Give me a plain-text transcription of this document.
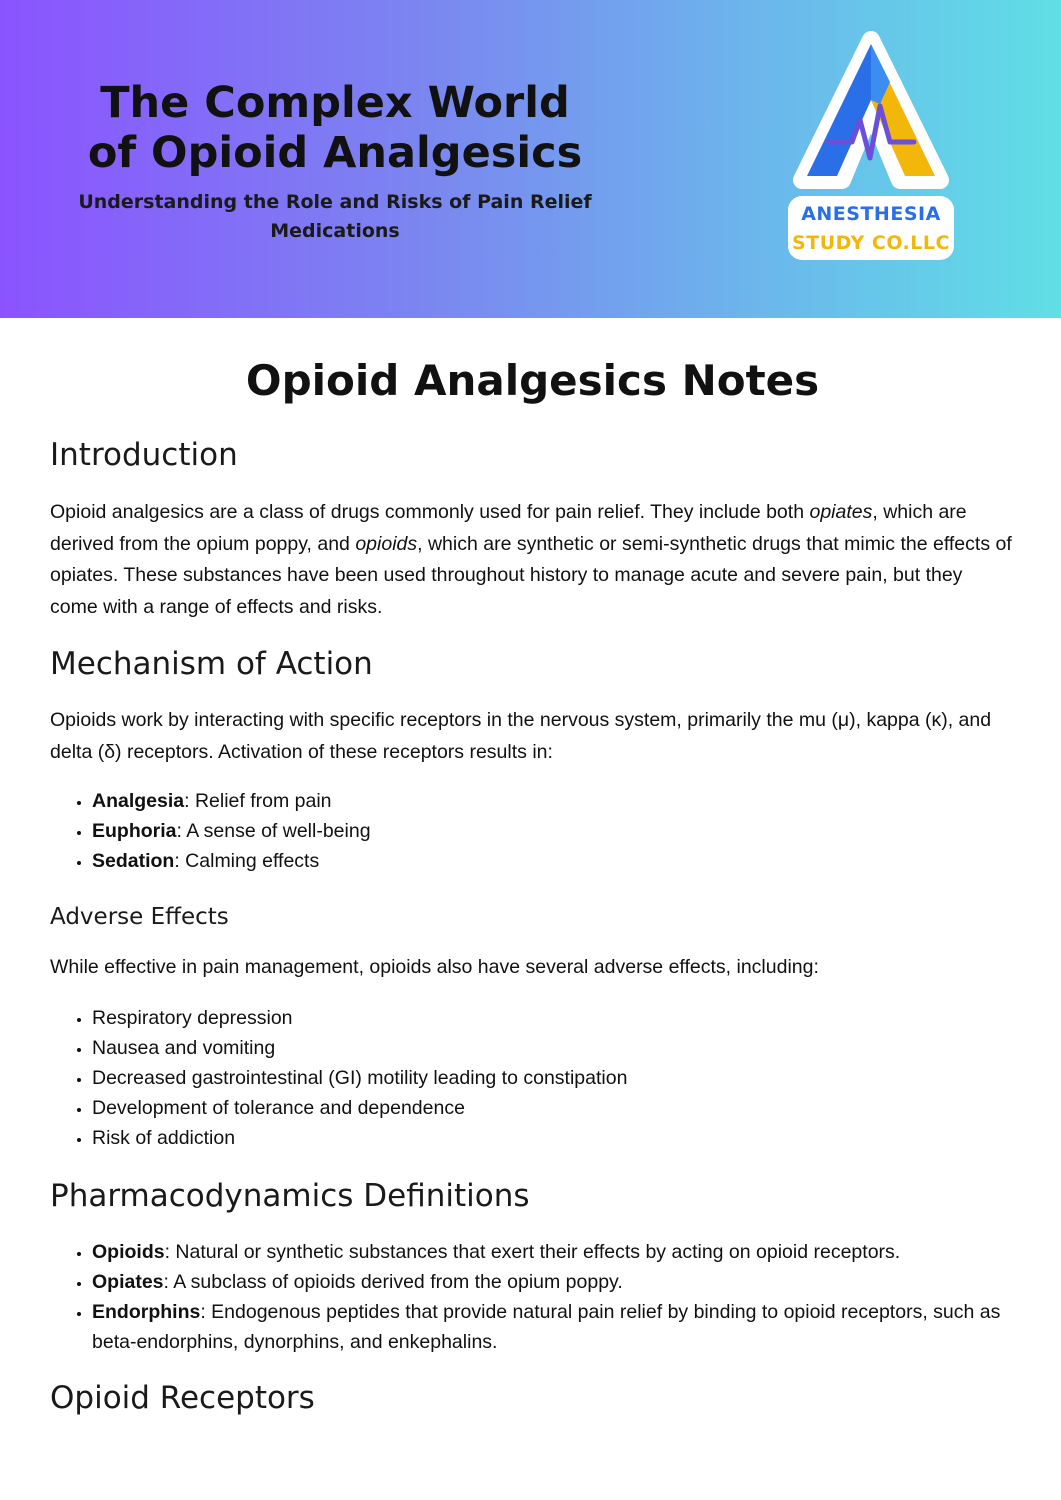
The Complex World
of Opioid Analgesics
Understanding the Role and Risks of Pain Relief Medications
ANESTHESIA
STUDY CO.LLC
Opioid Analgesics Notes
Introduction

Opioid analgesics are a class of drugs commonly used for pain relief. They include both opiates, which are derived from the opium poppy, and opioids, which are synthetic or semi-synthetic drugs that mimic the effects of opiates. These substances have been used throughout history to manage acute and severe pain, but they come with a range of effects and risks.

Mechanism of Action

Opioids work by interacting with specific receptors in the nervous system, primarily the mu (μ), kappa (κ), and delta (δ) receptors. Activation of these receptors results in:

• Analgesia: Relief from pain
• Euphoria: A sense of well-being
• Sedation: Calming effects
Adverse Effects

While effective in pain management, opioids also have several adverse effects, including:

• Respiratory depression
• Nausea and vomiting
• Decreased gastrointestinal (GI) motility leading to constipation
• Development of tolerance and dependence
• Risk of addiction
Pharmacodynamics Definitions
• Opioids: Natural or synthetic substances that exert their effects by acting on opioid receptors.
• Opiates: A subclass of opioids derived from the opium poppy.
• Endorphins: Endogenous peptides that provide natural pain relief by binding to opioid receptors, such as beta-endorphins, dynorphins, and enkephalins.
Opioid Receptors
